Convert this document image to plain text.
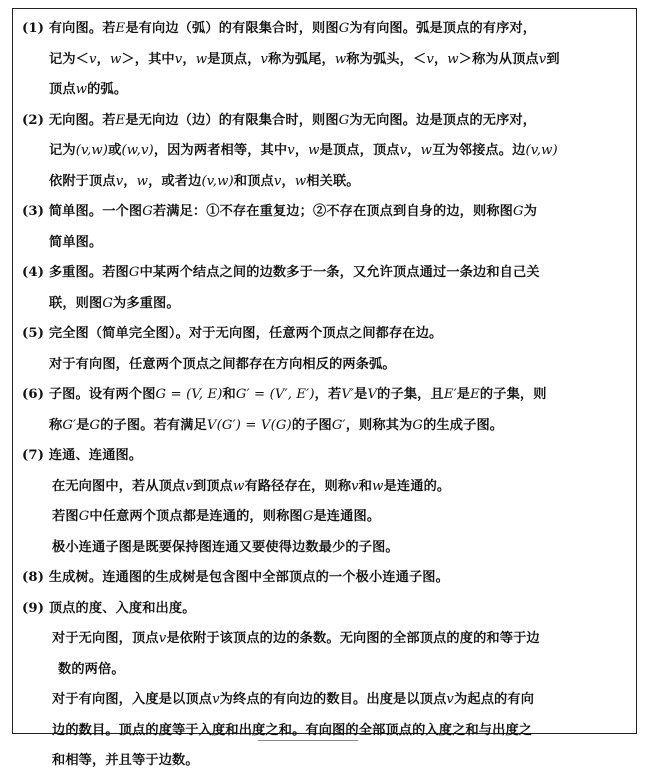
(1) 有向图。若E是有向边（弧）的有限集合时，则图G为有向图。弧是顶点的有序对，
记为＜v，w＞，其中v，w是顶点，v称为弧尾，w称为弧头，＜v，w＞称为从顶点v到
顶点w的弧。
(2) 无向图。若E是无向边（边）的有限集合时，则图G为无向图。边是顶点的无序对，
记为(v,w)或(w,v)，因为两者相等，其中v，w是顶点，顶点v，w互为邻接点。边(v,w)
依附于顶点v，w，或者边(v,w)和顶点v，w相关联。
(3) 简单图。一个图G若满足：①不存在重复边；②不存在顶点到自身的边，则称图G为
简单图。
(4) 多重图。若图G中某两个结点之间的边数多于一条，又允许顶点通过一条边和自己关
联，则图G为多重图。
(5) 完全图（简单完全图）。对于无向图，任意两个顶点之间都存在边。
对于有向图，任意两个顶点之间都存在方向相反的两条弧。
(6) 子图。设有两个图G = (V, E)和G′ = (V′, E′)，若V′是V的子集，且E′是E的子集，则
称G′是G的子图。若有满足V(G′) = V(G)的子图G′，则称其为G的生成子图。
(7) 连通、连通图。
在无向图中，若从顶点v到顶点w有路径存在，则称v和w是连通的。
若图G中任意两个顶点都是连通的，则称图G是连通图。
极小连通子图是既要保持图连通又要使得边数最少的子图。
(8) 生成树。连通图的生成树是包含图中全部顶点的一个极小连通子图。
(9) 顶点的度、入度和出度。
对于无向图，顶点v是依附于该顶点的边的条数。无向图的全部顶点的度的和等于边
数的两倍。
对于有向图，入度是以顶点v为终点的有向边的数目。出度是以顶点v为起点的有向
边的数目。顶点的度等于入度和出度之和。有向图的全部顶点的入度之和与出度之
和相等，并且等于边数。
